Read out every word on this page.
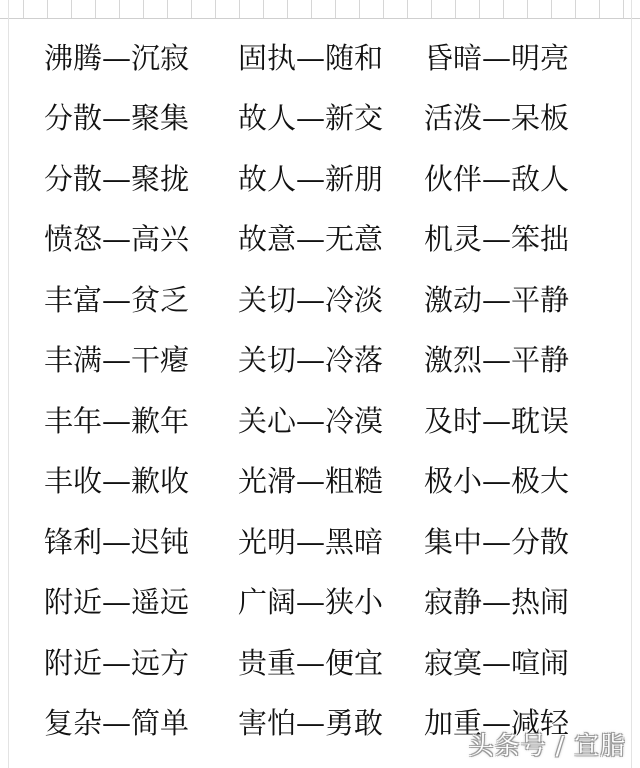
沸腾—沉寂	固执—随和	昏暗—明亮
分散—聚集	故人—新交	活泼—呆板
分散—聚拢	故人—新朋	伙伴—敌人
愤怒—高兴	故意—无意	机灵—笨拙
丰富—贫乏	关切—冷淡	激动—平静
丰满—干瘪	关切—冷落	激烈—平静
丰年—歉年	关心—冷漠	及时—耽误
丰收—歉收	光滑—粗糙	极小—极大
锋利—迟钝	光明—黑暗	集中—分散
附近—遥远	广阔—狭小	寂静—热闹
附近—远方	贵重—便宜	寂寞—喧闹
复杂—简单	害怕—勇敢	加重—减轻
头条号 / 宣脂
